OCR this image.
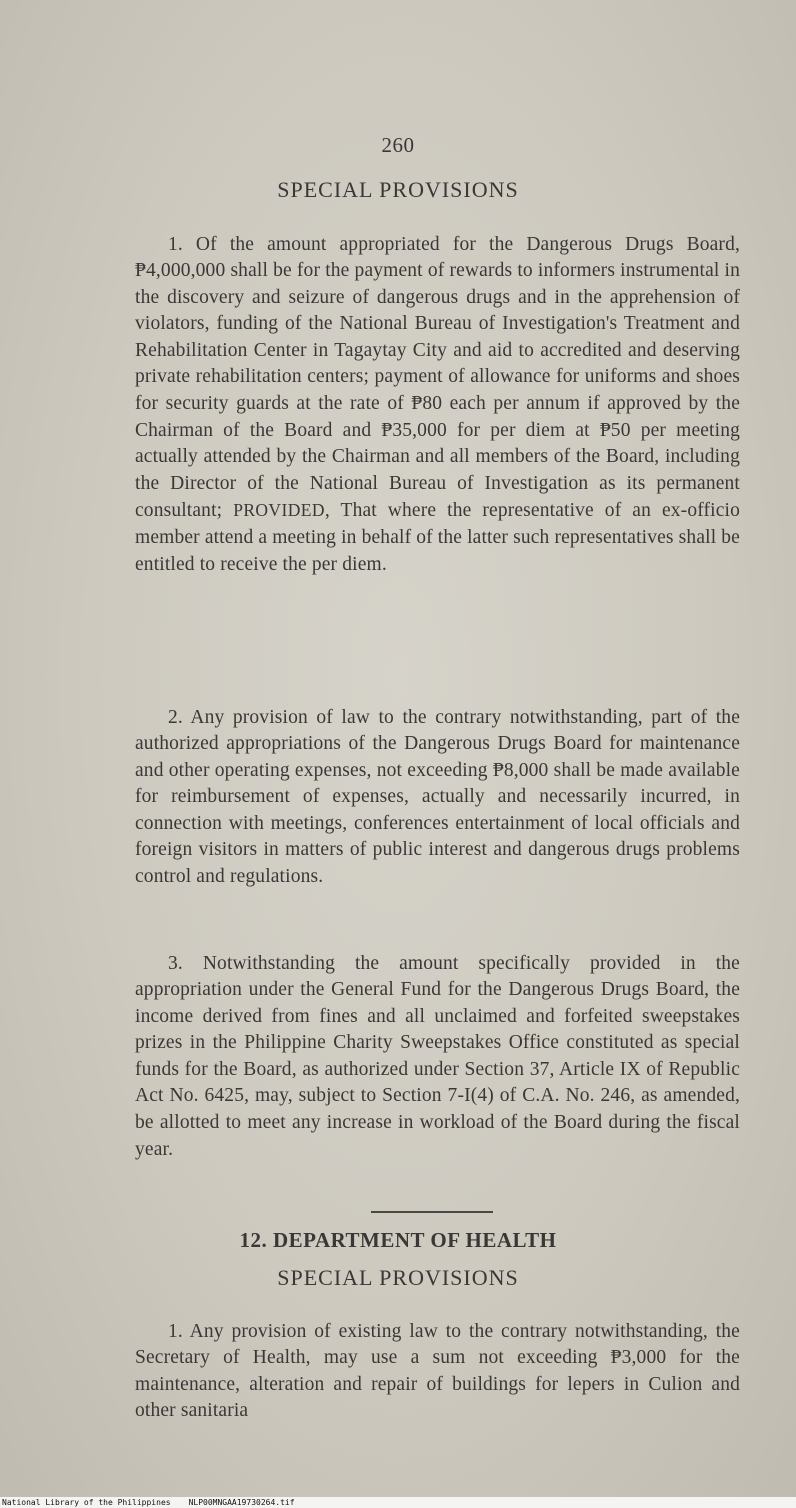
260
SPECIAL PROVISIONS

1. Of the amount appropriated for the Dangerous Drugs Board, ₱4,000,000 shall be for the payment of rewards to informers instrumental in the discovery and seizure of dangerous drugs and in the apprehension of violators, funding of the National Bureau of Investigation's Treatment and Rehabilitation Center in Tagaytay City and aid to accredited and deserving private rehabilitation centers; payment of allowance for uniforms and shoes for security guards at the rate of ₱80 each per annum if approved by the Chairman of the Board and ₱35,000 for per diem at ₱50 per meeting actually attended by the Chairman and all members of the Board, including the Director of the National Bureau of Investigation as its permanent consultant; PROVIDED, That where the representative of an ex-officio member attend a meeting in behalf of the latter such representatives shall be entitled to receive the per diem.

2. Any provision of law to the contrary notwithstanding, part of the authorized appropriations of the Dangerous Drugs Board for maintenance and other operating expenses, not exceeding ₱8,000 shall be made available for reimbursement of expenses, actually and necessarily incurred, in connection with meetings, conferences entertainment of local officials and foreign visitors in matters of public interest and dangerous drugs problems control and regulations.

3. Notwithstanding the amount specifically provided in the appropriation under the General Fund for the Dangerous Drugs Board, the income derived from fines and all unclaimed and forfeited sweepstakes prizes in the Philippine Charity Sweepstakes Office constituted as special funds for the Board, as authorized under Section 37, Article IX of Republic Act No. 6425, may, subject to Section 7-I(4) of C.A. No. 246, as amended, be allotted to meet any increase in workload of the Board during the fiscal year.

12. DEPARTMENT OF HEALTH
SPECIAL PROVISIONS

1. Any provision of existing law to the contrary notwithstanding, the Secretary of Health, may use a sum not exceeding ₱3,000 for the maintenance, alteration and repair of buildings for lepers in Culion and other sanitaria

National Library of the Philippines NLP00MNGAA19730264.tif
